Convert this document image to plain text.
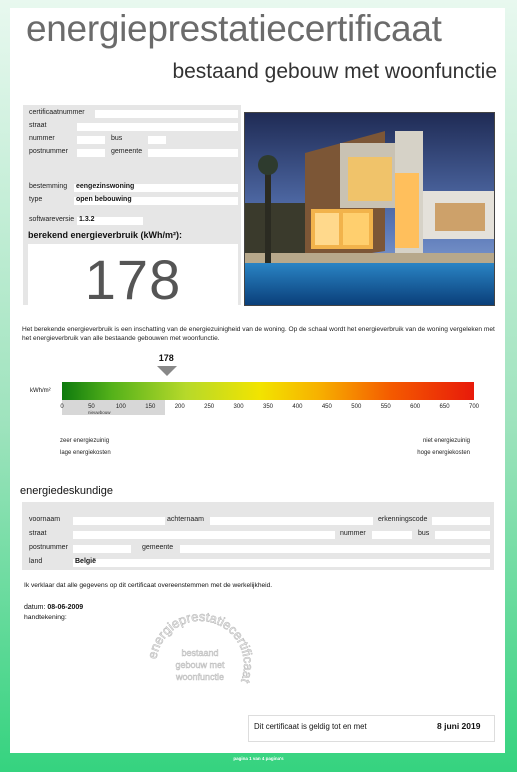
energieprestatiecertificaat
bestaand gebouw met woonfunctie
certificaatnummer
straat
nummer	bus
postnummer	gemeente
bestemming eengezinswoning
type	open bebouwing
softwareversie 1.3.2
berekend energieverbruik (kWh/m²):
178
Het berekende energieverbruik is een inschatting van de energiezuinigheid van de woning. Op de schaal wordt het energieverbruik van de woning vergeleken met het energieverbruik van alle bestaande gebouwen met woonfunctie.
178
kWh/m²
nieuwbouw
0	50	100	150	200	250	300	350	400	450	500	550	600	650	700
zeer energiezuinig
lage energiekosten
niet energiezuinig
hoge energiekosten
energiedeskundige
voornaam	achternaam	erkenningscode
straat	nummer	bus
postnummer	gemeente
land	België
Ik verklaar dat alle gegevens op dit certificaat overeenstemmen met de werkelijkheid.
datum: 08-06-2009
handtekening:
energieprestatiecertificaat
bestaand
gebouw met
woonfunctie
Dit certificaat is geldig tot en met	8 juni 2019
pagina 1 van 4 pagina's
